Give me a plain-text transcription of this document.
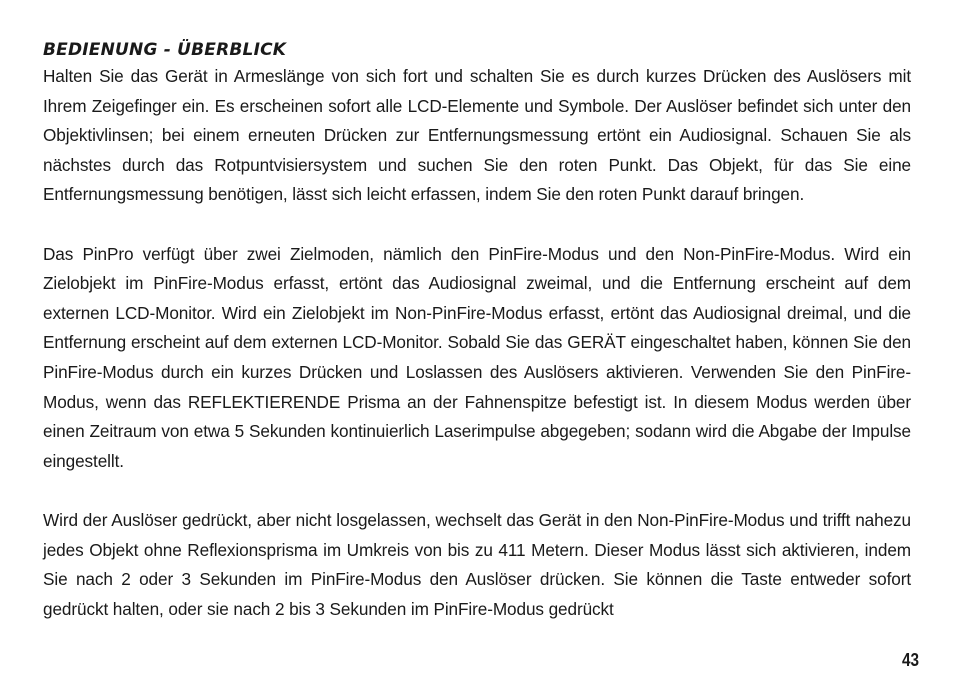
BEDIENUNG - ÜBERBLICK

Halten Sie das Gerät in Armeslänge von sich fort und schalten Sie es durch kurzes Drücken des Auslösers mit Ihrem Zeigefinger ein. Es erscheinen sofort alle LCD-Elemente und Symbole. Der Auslöser befindet sich unter den Objektivlinsen; bei einem erneuten Drücken zur Entfernungsmessung ertönt ein Audiosignal. Schauen Sie als nächstes durch das Rotpuntvisiersystem und suchen Sie den roten Punkt. Das Objekt, für das Sie eine Entfernungsmessung benötigen, lässt sich leicht erfassen, indem Sie den roten Punkt darauf bringen.

Das PinPro verfügt über zwei Zielmoden, nämlich den PinFire-Modus und den Non-PinFire-Modus. Wird ein Zielobjekt im PinFire-Modus erfasst, ertönt das Audiosignal zweimal, und die Entfernung erscheint auf dem externen LCD-Monitor. Wird ein Zielobjekt im Non-PinFire-Modus erfasst, ertönt das Audiosignal dreimal, und die Entfernung erscheint auf dem externen LCD-Monitor. Sobald Sie das GERÄT eingeschaltet haben, können Sie den PinFire-Modus durch ein kurzes Drücken und Loslassen des Auslösers aktivieren. Verwenden Sie den PinFire-Modus, wenn das REFLEKTIERENDE Prisma an der Fahnenspitze befestigt ist. In diesem Modus werden über einen Zeitraum von etwa 5 Sekunden kontinuierlich Laserimpulse abgegeben; sodann wird die Abgabe der Impulse eingestellt.

Wird der Auslöser gedrückt, aber nicht losgelassen, wechselt das Gerät in den Non-PinFire-Modus und trifft nahezu jedes Objekt ohne Reflexionsprisma im Umkreis von bis zu 411 Metern. Dieser Modus lässt sich aktivieren, indem Sie nach 2 oder 3 Sekunden im PinFire-Modus den Auslöser drücken. Sie können die Taste entweder sofort gedrückt halten, oder sie nach 2 bis 3 Sekunden im PinFire-Modus gedrückt

43
